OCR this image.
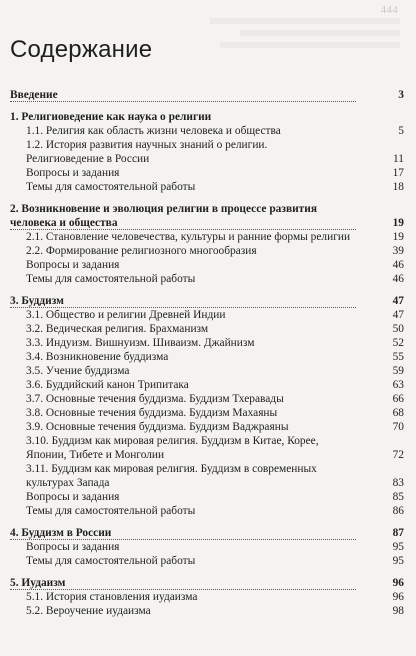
444
Содержание
Введение	3
1. Религиоведение как наука о религии
1.1. Религия как область жизни человека и общества	5
1.2. История развития научных знаний о религии.
Религиоведение в России	11
Вопросы и задания	17
Темы для самостоятельной работы	18
2. Возникновение и эволюция религии в процессе развития
человека и общества	19
2.1. Становление человечества, культуры и ранние формы религии	19
2.2. Формирование религиозного многообразия	39
Вопросы и задания	46
Темы для самостоятельной работы	46
3. Буддизм	47
3.1. Общество и религии Древней Индии	47
3.2. Ведическая религия. Брахманизм	50
3.3. Индуизм. Вишнуизм. Шиваизм. Джайнизм	52
3.4. Возникновение буддизма	55
3.5. Учение буддизма	59
3.6. Буддийский канон Трипитака	63
3.7. Основные течения буддизма. Буддизм Тхеравады	66
3.8. Основные течения буддизма. Буддизм Махаяны	68
3.9. Основные течения буддизма. Буддизм Ваджраяны	70
3.10. Буддизм как мировая религия. Буддизм в Китае, Корее,
Японии, Тибете и Монголии	72
3.11. Буддизм как мировая религия. Буддизм в современных
культурах Запада	83
Вопросы и задания	85
Темы для самостоятельной работы	86
4. Буддизм в России	87
Вопросы и задания	95
Темы для самостоятельной работы	95
5. Иудаизм	96
5.1. История становления иудаизма	96
5.2. Вероучение иудаизма	98
